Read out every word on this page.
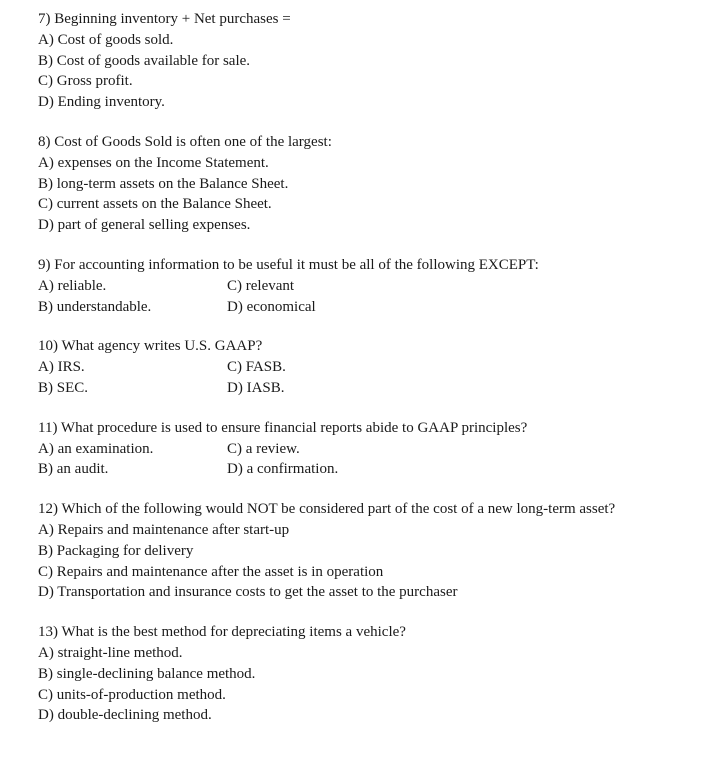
7) Beginning inventory + Net purchases =
A) Cost of goods sold.
B) Cost of goods available for sale.
C) Gross profit.
D) Ending inventory.
8) Cost of Goods Sold is often one of the largest:
A) expenses on the Income Statement.
B) long-term assets on the Balance Sheet.
C) current assets on the Balance Sheet.
D) part of general selling expenses.
9) For accounting information to be useful it must be all of the following EXCEPT:
A) reliable.	C) relevant
B) understandable.	D) economical
10) What agency writes U.S. GAAP?
A) IRS.	C) FASB.
B) SEC.	D) IASB.
11) What procedure is used to ensure financial reports abide to GAAP principles?
A) an examination.	C) a review.
B) an audit.	D) a confirmation.
12) Which of the following would NOT be considered part of the cost of a new long-term asset?
A) Repairs and maintenance after start-up
B) Packaging for delivery
C) Repairs and maintenance after the asset is in operation
D) Transportation and insurance costs to get the asset to the purchaser
13) What is the best method for depreciating items a vehicle?
A) straight-line method.
B) single-declining balance method.
C) units-of-production method.
D) double-declining method.
